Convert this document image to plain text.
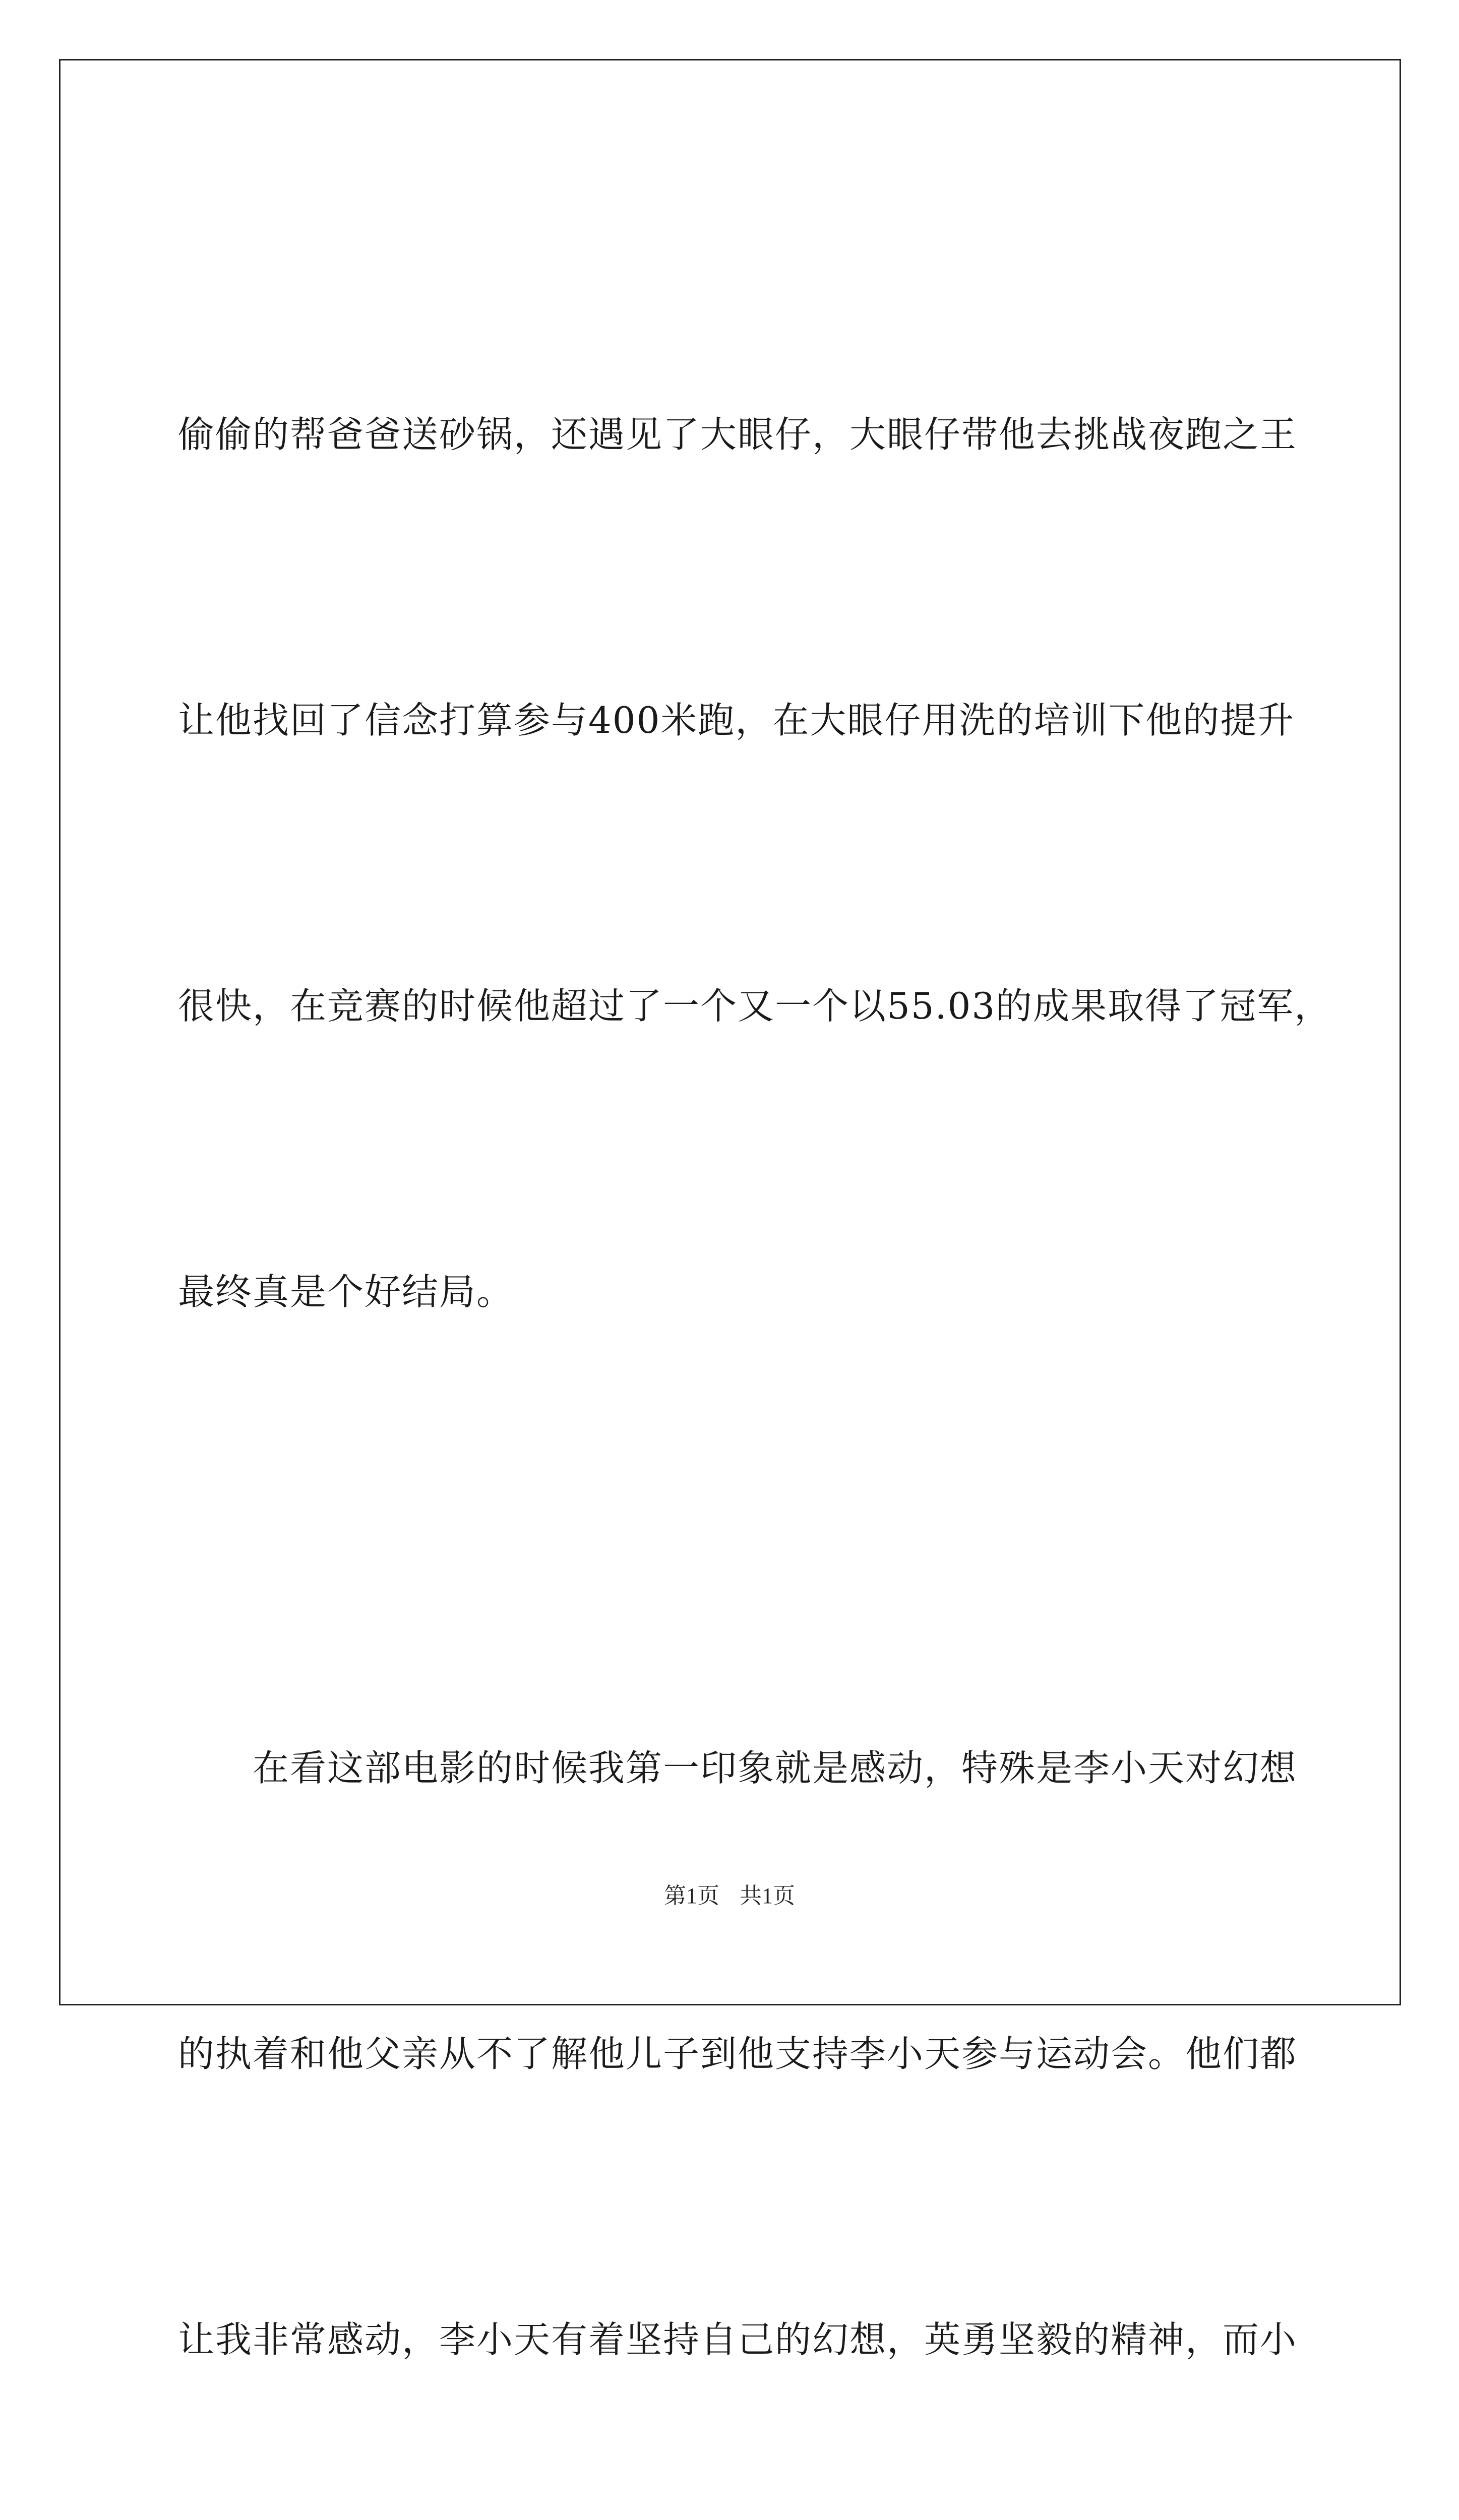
偷偷的帮爸爸送砂锅，还遇见了大眼仔，大眼仔带他去挑战夜跑之王

让他找回了信念打算参与400米跑，在大眼仔用洗的培训下他的提升

很快，在竞赛的时候他超过了一个又一个以55.03的成果取得了冠军，

最终真是个好结局。

在看这部电影的时候我第一印象就是感动，特殊是李小天对幻想

的执着和他父亲从不了解他儿子到他支持李小天参与运动会。他们都

让我非常感动，李小天有着坚持自己的幻想，英勇坚毅的精神，而小

第1页 共1页
